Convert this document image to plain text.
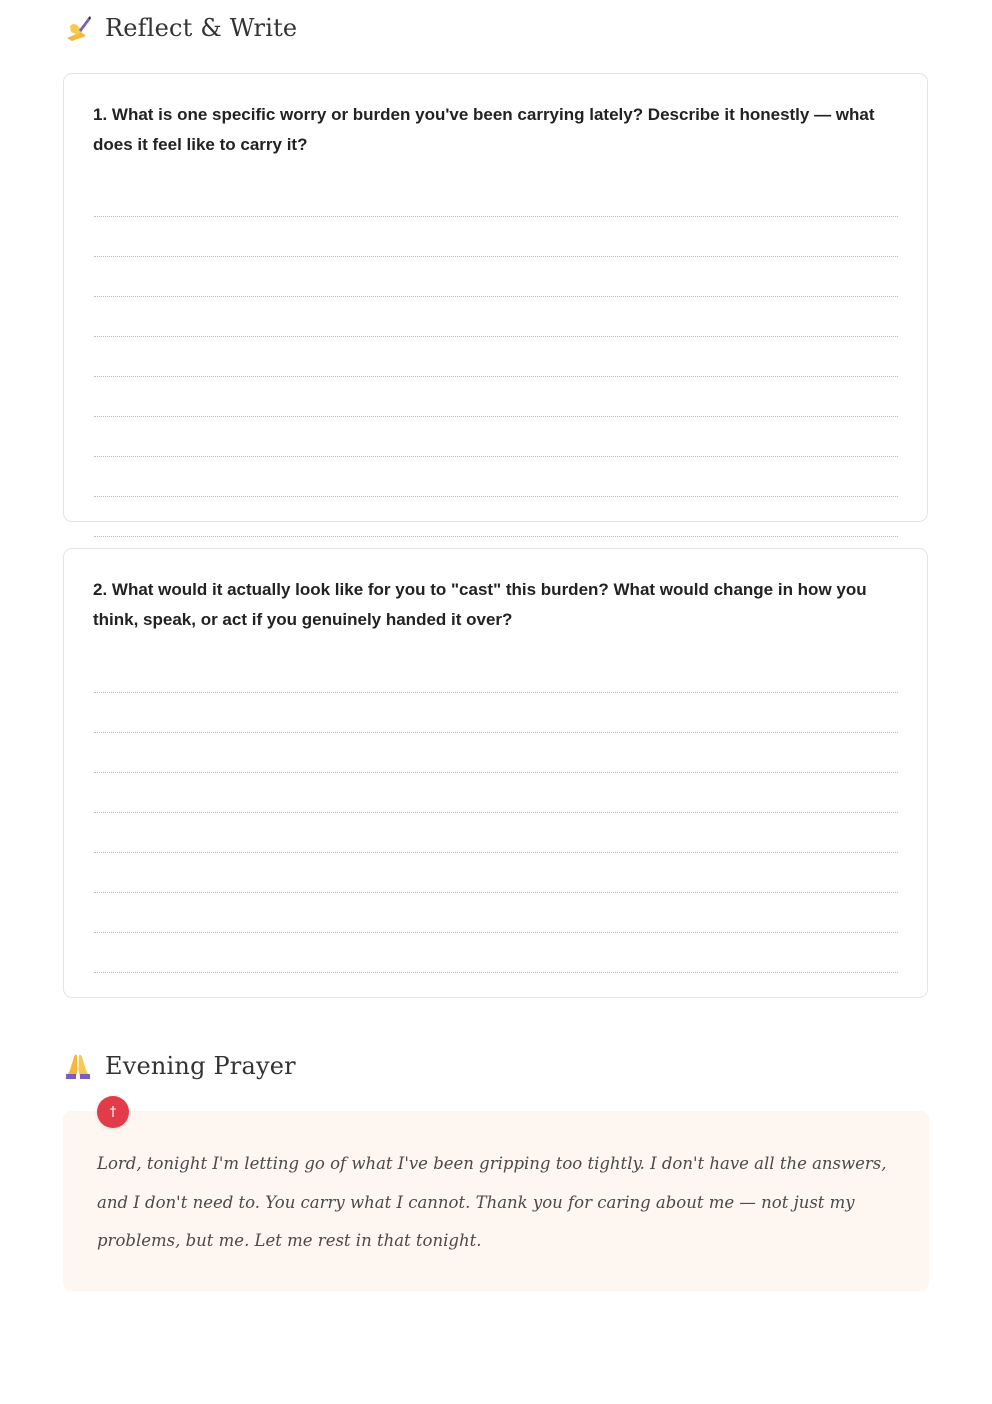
Reflect & Write
1. What is one specific worry or burden you've been carrying lately? Describe it honestly — what does it feel like to carry it?
2. What would it actually look like for you to "cast" this burden? What would change in how you think, speak, or act if you genuinely handed it over?
Evening Prayer
†
Lord, tonight I'm letting go of what I've been gripping too tightly. I don't have all the answers, and I don't need to. You carry what I cannot. Thank you for caring about me — not just my problems, but me. Let me rest in that tonight.
